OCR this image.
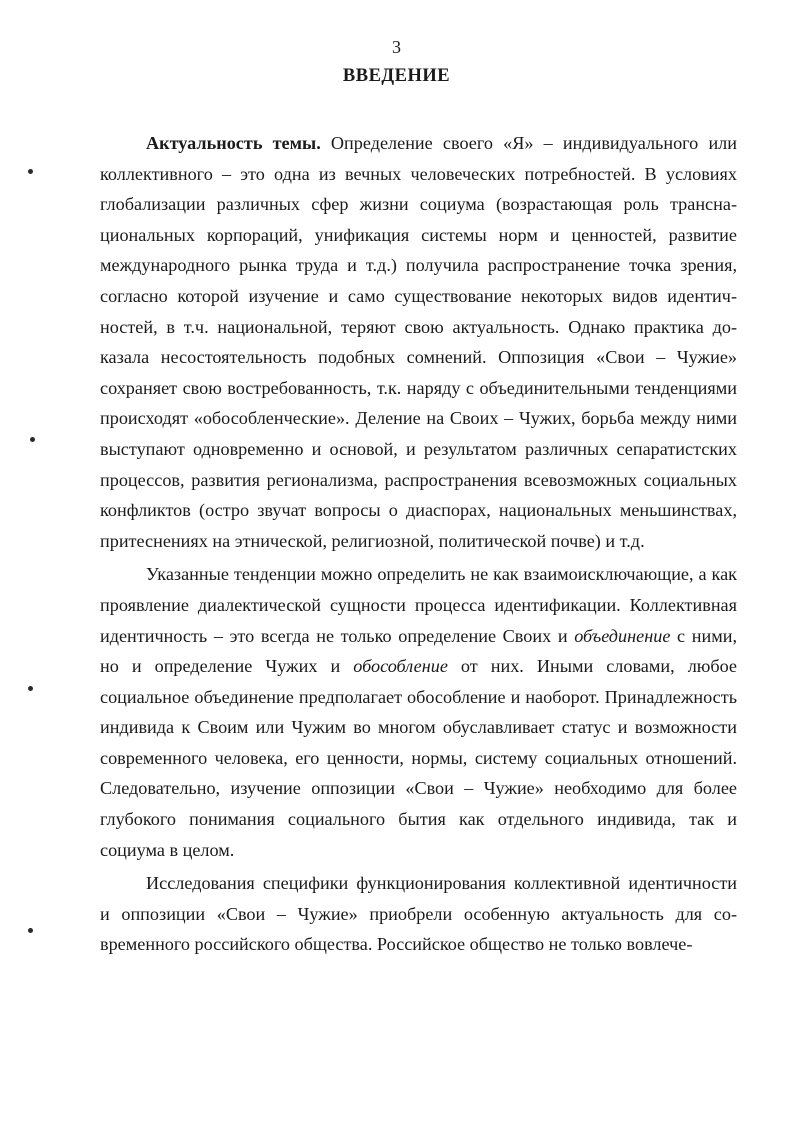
3
ВВЕДЕНИЕ

Актуальность темы. Определение своего «Я» – индивидуального или коллективного – это одна из вечных человеческих потребностей. В условиях глобализации различных сфер жизни социума (возрастающая роль транснациональных корпораций, унификация системы норм и ценностей, развитие международного рынка труда и т.д.) получила распространение точка зрения, согласно которой изучение и само существование некоторых видов идентичностей, в т.ч. национальной, теряют свою актуальность. Однако практика доказала несостоятельность подобных сомнений. Оппозиция «Свои – Чужие» сохраняет свою востребованность, т.к. наряду с объединительными тенденциями происходят «обособленческие». Деление на Своих – Чужих, борьба между ними выступают одновременно и основой, и результатом различных сепаратистских процессов, развития регионализма, распространения всевозможных социальных конфликтов (остро звучат вопросы о диаспорах, национальных меньшинствах, притеснениях на этнической, религиозной, политической почве) и т.д.

Указанные тенденции можно определить не как взаимоисключающие, а как проявление диалектической сущности процесса идентификации. Коллективная идентичность – это всегда не только определение Своих и объединение с ними, но и определение Чужих и обособление от них. Иными словами, любое социальное объединение предполагает обособление и наоборот. Принадлежность индивида к Своим или Чужим во многом обуславливает статус и возможности современного человека, его ценности, нормы, систему социальных отношений. Следовательно, изучение оппозиции «Свои – Чужие» необходимо для более глубокого понимания социального бытия как отдельного индивида, так и социума в целом.

Исследования специфики функционирования коллективной идентичности и оппозиции «Свои – Чужие» приобрели особенную актуальность для современного российского общества. Российское общество не только вовлече-
